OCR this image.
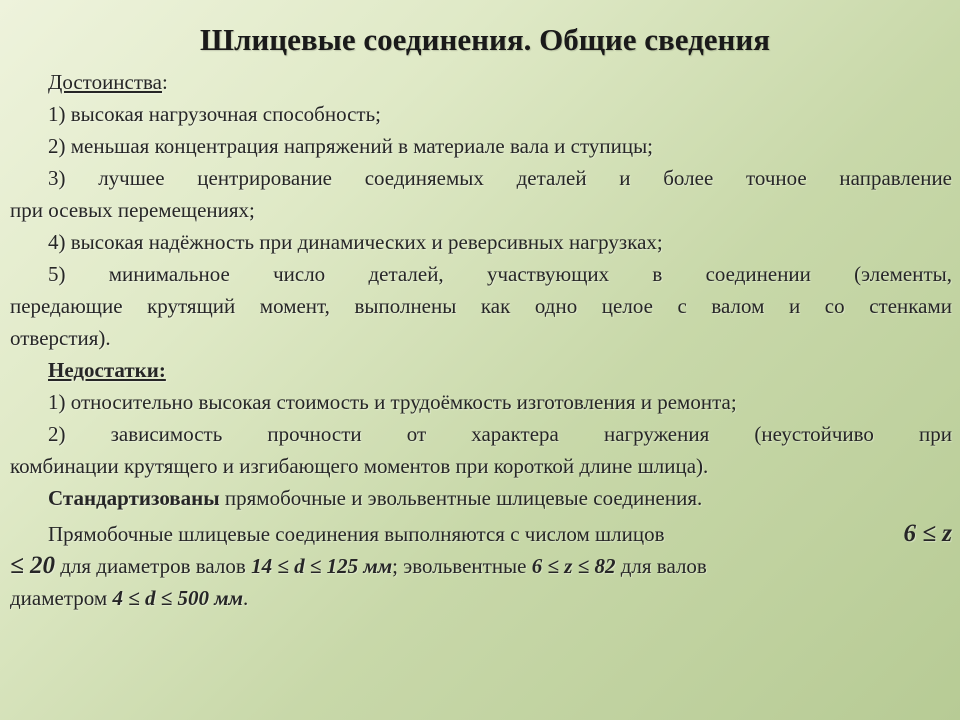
Шлицевые соединения. Общие сведения
Достоинства:
1) высокая нагрузочная способность;
2) меньшая концентрация напряжений в материале вала и ступицы;
3) лучшее центрирование соединяемых деталей и более точное направление
при осевых перемещениях;
4) высокая надёжность при динамических и реверсивных нагрузках;
5) минимальное число деталей, участвующих в соединении (элементы,
передающие крутящий момент, выполнены как одно целое с валом и со стенками
отверстия).
Недостатки:
1) относительно высокая стоимость и трудоёмкость изготовления и ремонта;
2) зависимость прочности от характера нагружения (неустойчиво при
комбинации крутящего и изгибающего моментов при короткой длине шлица).
Стандартизованы прямобочные и эвольвентные шлицевые соединения.
Прямобочные шлицевые соединения выполняются с числом шлицов	6 ≤ z
≤ 20 для диаметров валов 14 ≤ d ≤ 125 мм; эвольвентные 6 ≤ z ≤ 82 для валов
диаметром 4 ≤ d ≤ 500 мм.
